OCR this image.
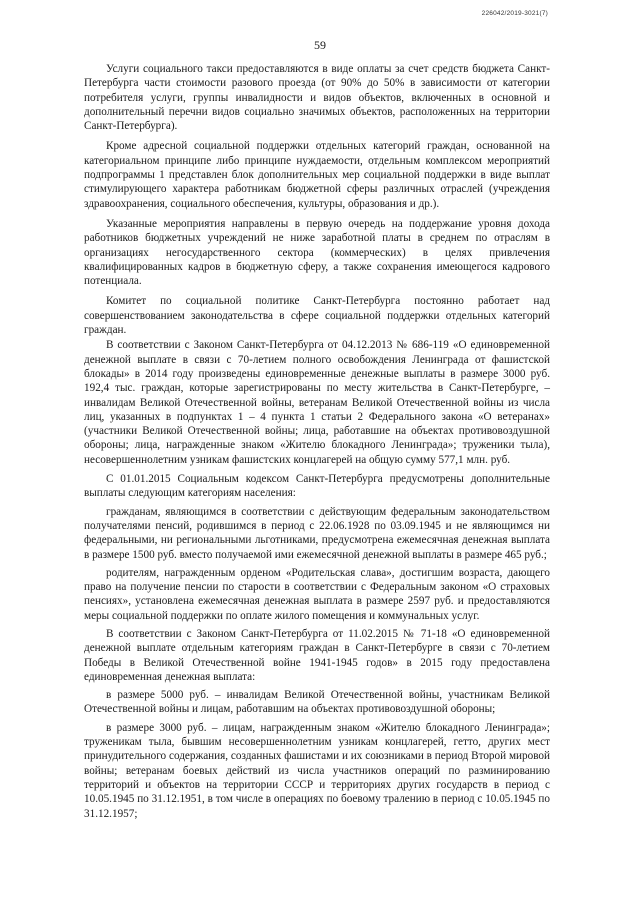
226042/2019-3021(7)
59

Услуги социального такси предоставляются в виде оплаты за счет средств бюджета Санкт-Петербурга части стоимости разового проезда (от 90% до 50% в зависимости от категории потребителя услуги, группы инвалидности и видов объектов, включенных в основной и дополнительный перечни видов социально значимых объектов, расположенных на территории Санкт-Петербурга).

Кроме адресной социальной поддержки отдельных категорий граждан, основанной на категориальном принципе либо принципе нуждаемости, отдельным комплексом мероприятий подпрограммы 1 представлен блок дополнительных мер социальной поддержки в виде выплат стимулирующего характера работникам бюджетной сферы различных отраслей (учреждения здравоохранения, социального обеспечения, культуры, образования и др.).

Указанные мероприятия направлены в первую очередь на поддержание уровня дохода работников бюджетных учреждений не ниже заработной платы в среднем по отраслям в организациях негосударственного сектора (коммерческих) в целях привлечения квалифицированных кадров в бюджетную сферу, а также сохранения имеющегося кадрового потенциала.

Комитет по социальной политике Санкт-Петербурга постоянно работает над совершенствованием законодательства в сфере социальной поддержки отдельных категорий граждан.

В соответствии с Законом Санкт-Петербурга от 04.12.2013 № 686-119 «О единовременной денежной выплате в связи с 70-летием полного освобождения Ленинграда от фашистской блокады» в 2014 году произведены единовременные денежные выплаты в размере 3000 руб. 192,4 тыс. граждан, которые зарегистрированы по месту жительства в Санкт-Петербурге, – инвалидам Великой Отечественной войны, ветеранам Великой Отечественной войны из числа лиц, указанных в подпунктах 1 – 4 пункта 1 статьи 2 Федерального закона «О ветеранах» (участники Великой Отечественной войны; лица, работавшие на объектах противовоздушной обороны; лица, награжденные знаком «Жителю блокадного Ленинграда»; труженики тыла), несовершеннолетним узникам фашистских концлагерей на общую сумму 577,1 млн. руб.

С 01.01.2015 Социальным кодексом Санкт-Петербурга предусмотрены дополнительные выплаты следующим категориям населения:

гражданам, являющимся в соответствии с действующим федеральным законодательством получателями пенсий, родившимся в период с 22.06.1928 по 03.09.1945 и не являющимся ни федеральными, ни региональными льготниками, предусмотрена ежемесячная денежная выплата в размере 1500 руб. вместо получаемой ими ежемесячной денежной выплаты в размере 465 руб.;

родителям, награжденным орденом «Родительская слава», достигшим возраста, дающего право на получение пенсии по старости в соответствии с Федеральным законом «О страховых пенсиях», установлена ежемесячная денежная выплата в размере 2597 руб. и предоставляются меры социальной поддержки по оплате жилого помещения и коммунальных услуг.

В соответствии с Законом Санкт-Петербурга от 11.02.2015 № 71-18 «О единовременной денежной выплате отдельным категориям граждан в Санкт-Петербурге в связи с 70-летием Победы в Великой Отечественной войне 1941-1945 годов» в 2015 году предоставлена единовременная денежная выплата:

в размере 5000 руб. – инвалидам Великой Отечественной войны, участникам Великой Отечественной войны и лицам, работавшим на объектах противовоздушной обороны;

в размере 3000 руб. – лицам, награжденным знаком «Жителю блокадного Ленинграда»; труженикам тыла, бывшим несовершеннолетним узникам концлагерей, гетто, других мест принудительного содержания, созданных фашистами и их союзниками в период Второй мировой войны; ветеранам боевых действий из числа участников операций по разминированию территорий и объектов на территории СССР и территориях других государств в период с 10.05.1945 по 31.12.1951, в том числе в операциях по боевому тралению в период с 10.05.1945 по 31.12.1957;
